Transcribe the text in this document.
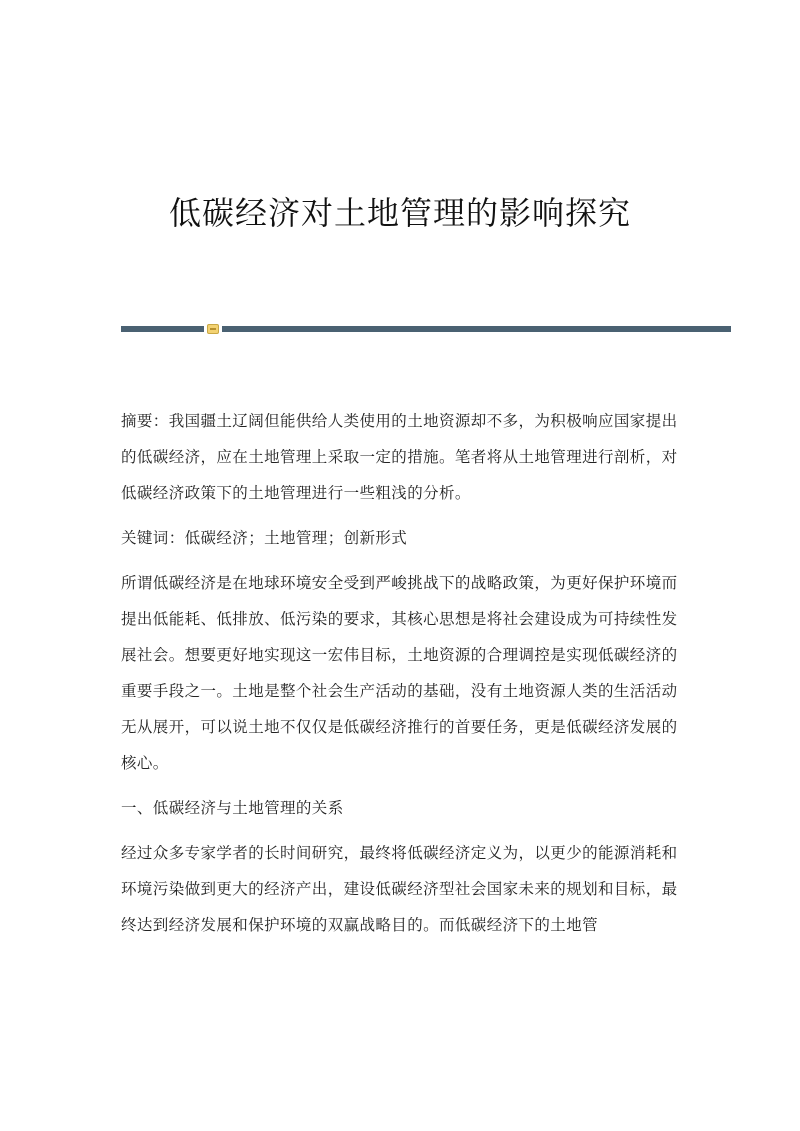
低碳经济对土地管理的影响探究

摘要：我国疆土辽阔但能供给人类使用的土地资源却不多，为积极响应国家提出的低碳经济，应在土地管理上采取一定的措施。笔者将从土地管理进行剖析，对低碳经济政策下的土地管理进行一些粗浅的分析。

关键词：低碳经济；土地管理；创新形式

所谓低碳经济是在地球环境安全受到严峻挑战下的战略政策，为更好保护环境而提出低能耗、低排放、低污染的要求，其核心思想是将社会建设成为可持续性发展社会。想要更好地实现这一宏伟目标，土地资源的合理调控是实现低碳经济的重要手段之一。土地是整个社会生产活动的基础，没有土地资源人类的生活活动无从展开，可以说土地不仅仅是低碳经济推行的首要任务，更是低碳经济发展的核心。

一、低碳经济与土地管理的关系

经过众多专家学者的长时间研究，最终将低碳经济定义为，以更少的能源消耗和环境污染做到更大的经济产出，建设低碳经济型社会国家未来的规划和目标，最终达到经济发展和保护环境的双赢战略目的。而低碳经济下的土地管
